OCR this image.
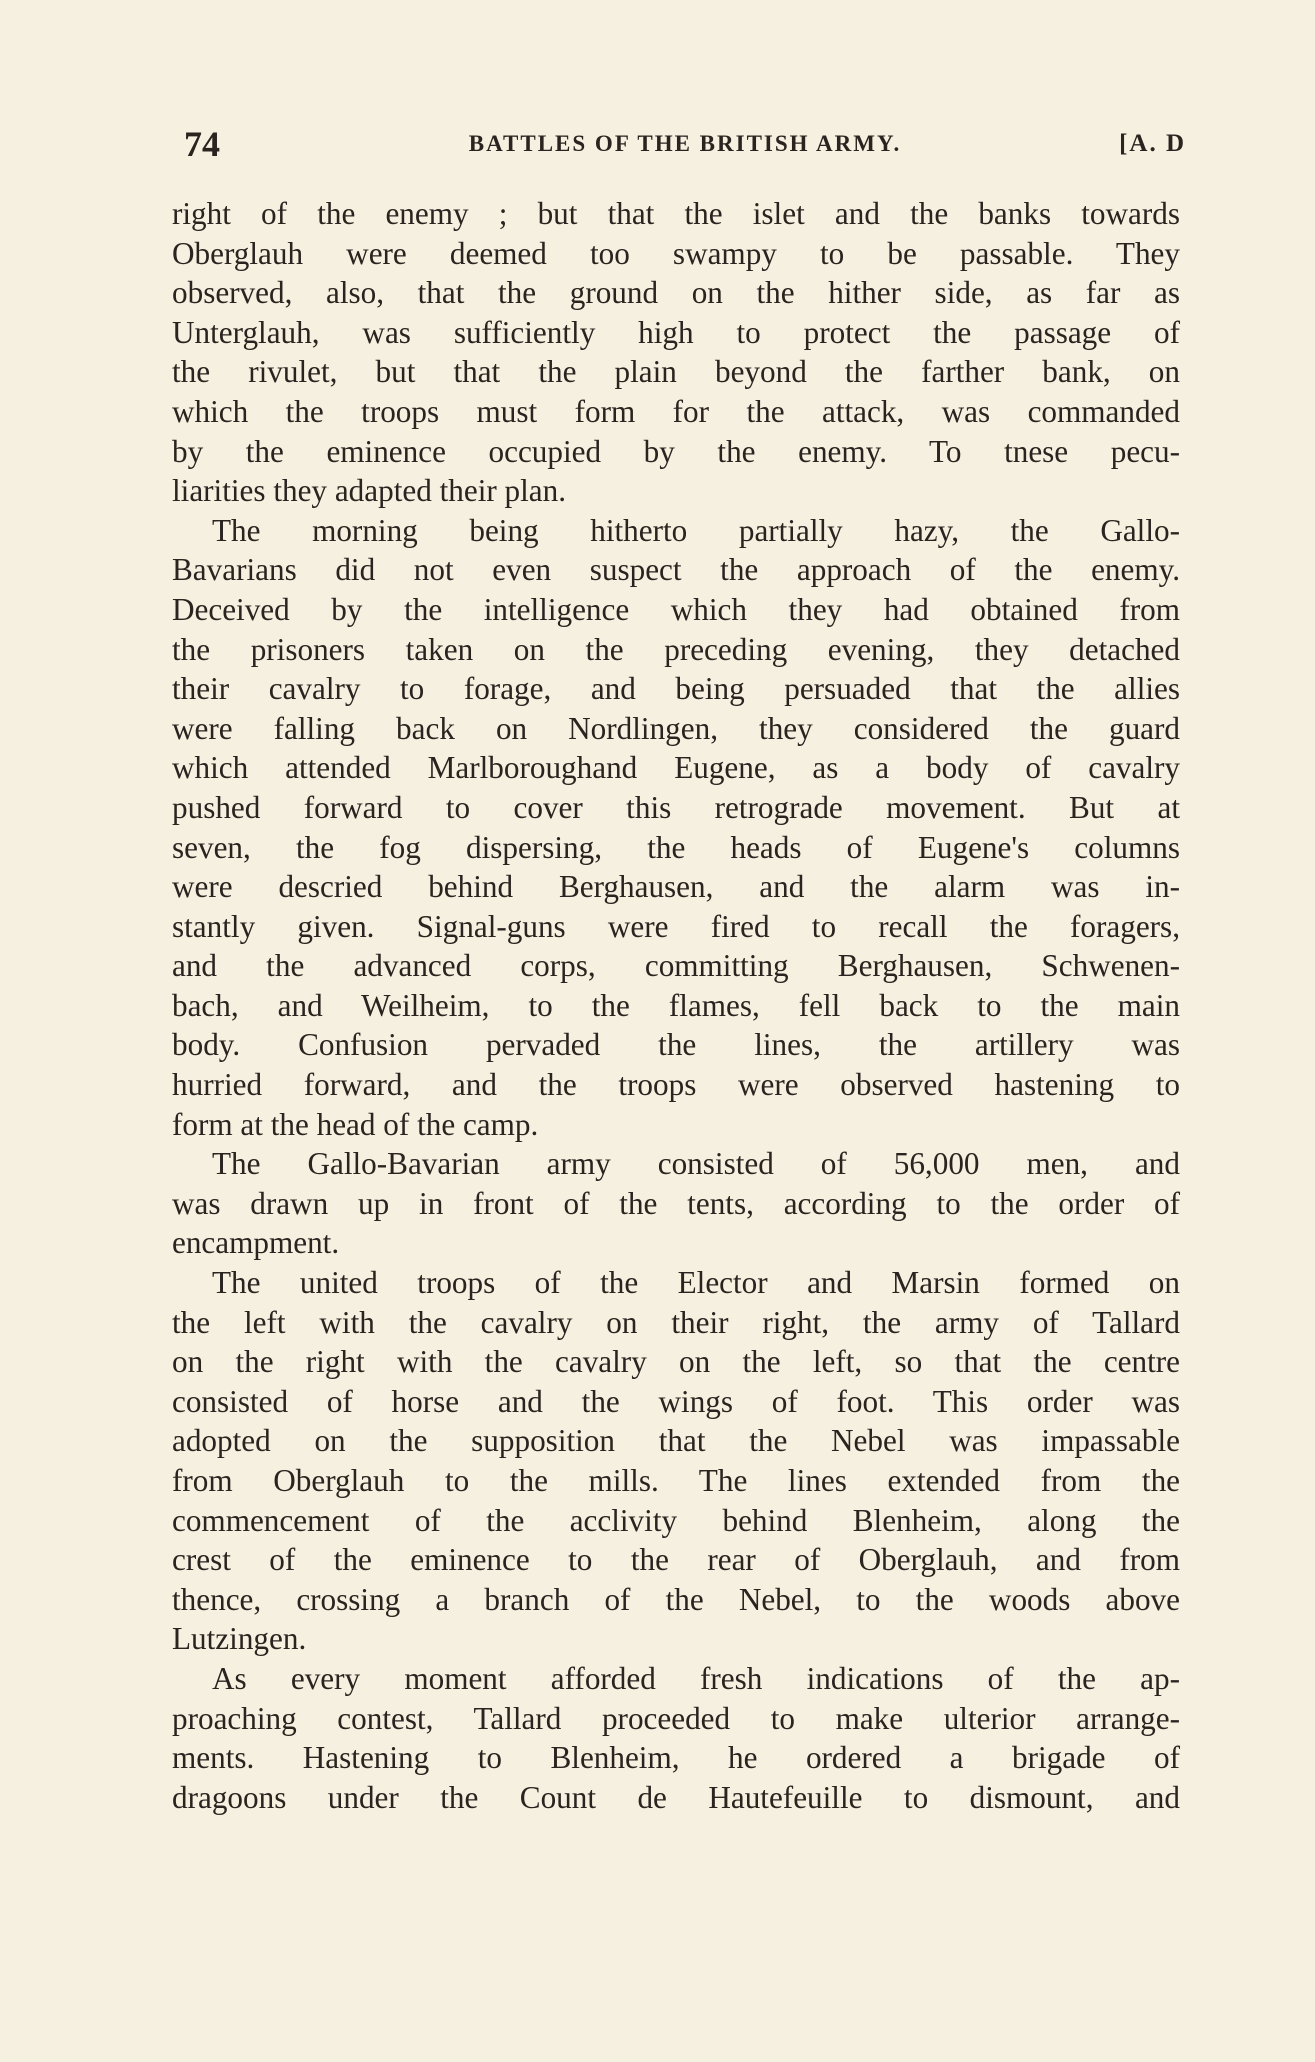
74	BATTLES OF THE BRITISH ARMY.	[A. D
right of the enemy ; but that the islet and the banks towards
Oberglauh were deemed too swampy to be passable. They
observed, also, that the ground on the hither side, as far as
Unterglauh, was sufficiently high to protect the passage of
the rivulet, but that the plain beyond the farther bank, on
which the troops must form for the attack, was commanded
by the eminence occupied by the enemy. To tnese pecu-
liarities they adapted their plan.
The morning being hitherto partially hazy, the Gallo-
Bavarians did not even suspect the approach of the enemy.
Deceived by the intelligence which they had obtained from
the prisoners taken on the preceding evening, they detached
their cavalry to forage, and being persuaded that the allies
were falling back on Nordlingen, they considered the guard
which attended Marlboroughand Eugene, as a body of cavalry
pushed forward to cover this retrograde movement. But at
seven, the fog dispersing, the heads of Eugene's columns
were descried behind Berghausen, and the alarm was in-
stantly given. Signal-guns were fired to recall the foragers,
and the advanced corps, committing Berghausen, Schwenen-
bach, and Weilheim, to the flames, fell back to the main
body. Confusion pervaded the lines, the artillery was
hurried forward, and the troops were observed hastening to
form at the head of the camp.
The Gallo-Bavarian army consisted of 56,000 men, and
was drawn up in front of the tents, according to the order of
encampment.
The united troops of the Elector and Marsin formed on
the left with the cavalry on their right, the army of Tallard
on the right with the cavalry on the left, so that the centre
consisted of horse and the wings of foot. This order was
adopted on the supposition that the Nebel was impassable
from Oberglauh to the mills. The lines extended from the
commencement of the acclivity behind Blenheim, along the
crest of the eminence to the rear of Oberglauh, and from
thence, crossing a branch of the Nebel, to the woods above
Lutzingen.
As every moment afforded fresh indications of the ap-
proaching contest, Tallard proceeded to make ulterior arrange-
ments. Hastening to Blenheim, he ordered a brigade of
dragoons under the Count de Hautefeuille to dismount, and
